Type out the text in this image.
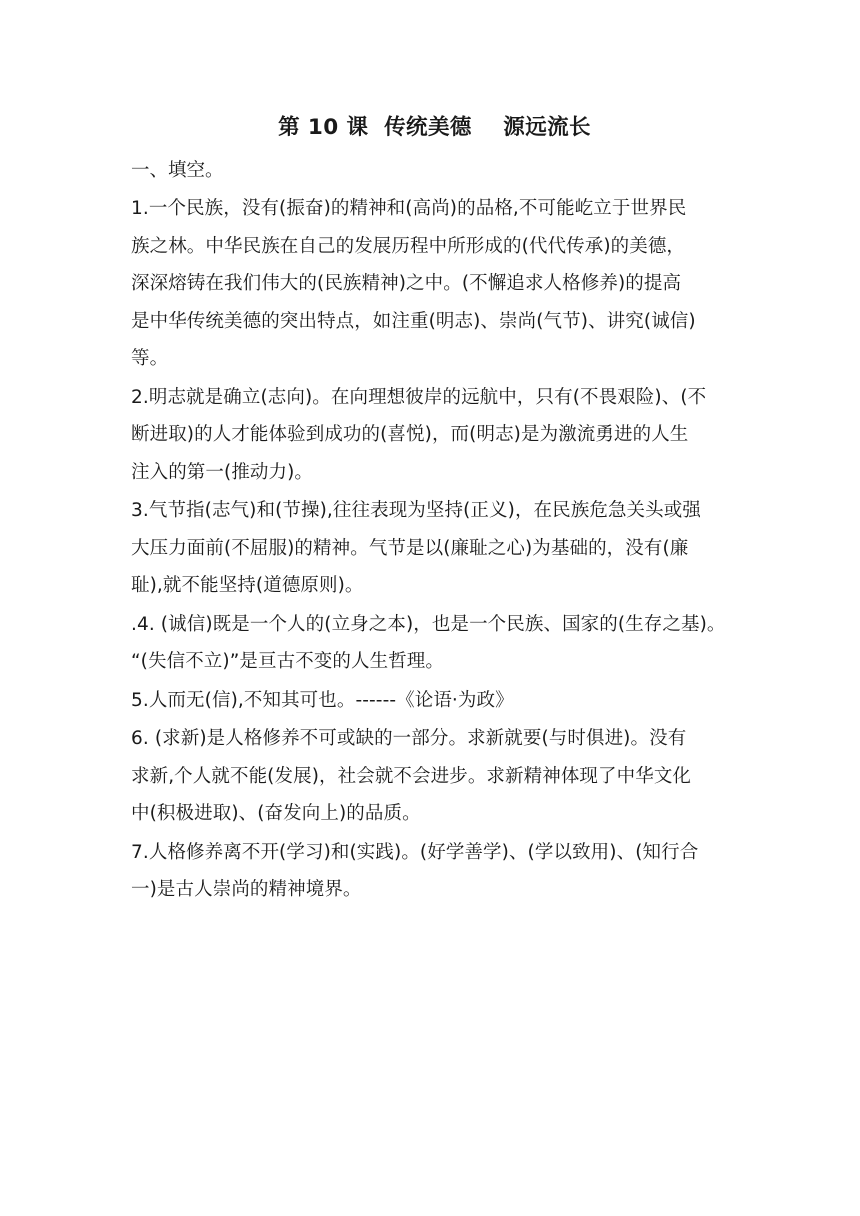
第 10 课  传统美德    源远流长
一、填空。
1.一个民族，没有(振奋)的精神和(高尚)的品格,不可能屹立于世界民
族之林。中华民族在自己的发展历程中所形成的(代代传承)的美德，
深深熔铸在我们伟大的(民族精神)之中。(不懈追求人格修养)的提高
是中华传统美德的突出特点，如注重(明志)、崇尚(气节)、讲究(诚信)
等。
2.明志就是确立(志向)。在向理想彼岸的远航中，只有(不畏艰险)、(不
断进取)的人才能体验到成功的(喜悦)，而(明志)是为激流勇进的人生
注入的第一(推动力)。
3.气节指(志气)和(节操),往往表现为坚持(正义)，在民族危急关头或强
大压力面前(不屈服)的精神。气节是以(廉耻之心)为基础的，没有(廉
耻),就不能坚持(道德原则)。
.4. (诚信)既是一个人的(立身之本)，也是一个民族、国家的(生存之基)。
“(失信不立)”是亘古不变的人生哲理。
5.人而无(信),不知其可也。------《论语·为政》
6. (求新)是人格修养不可或缺的一部分。求新就要(与时俱进)。没有
求新,个人就不能(发展)，社会就不会进步。求新精神体现了中华文化
中(积极进取)、(奋发向上)的品质。
7.人格修养离不开(学习)和(实践)。(好学善学)、(学以致用)、(知行合
一)是古人崇尚的精神境界。
